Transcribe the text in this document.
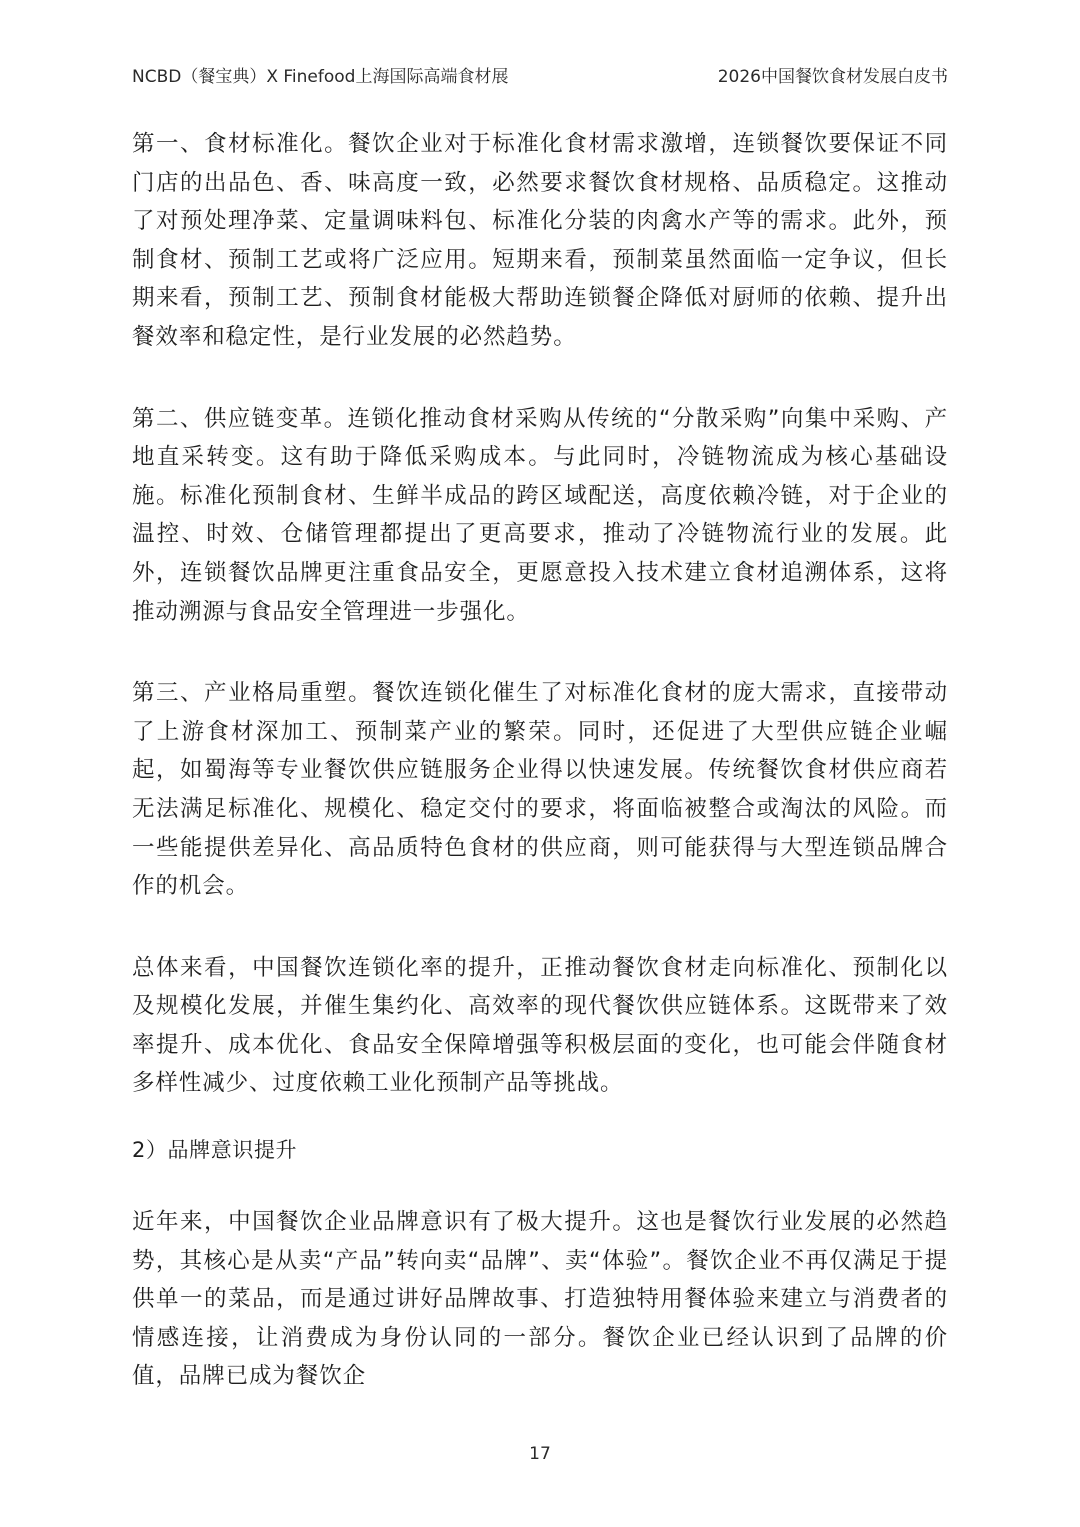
NCBD（餐宝典）X Finefood上海国际高端食材展	2026中国餐饮食材发展白皮书

第一、食材标准化。餐饮企业对于标准化食材需求激增，连锁餐饮要保证不同门店的出品色、香、味高度一致，必然要求餐饮食材规格、品质稳定。这推动了对预处理净菜、定量调味料包、标准化分装的肉禽水产等的需求。此外，预制食材、预制工艺或将广泛应用。短期来看，预制菜虽然面临一定争议，但长期来看，预制工艺、预制食材能极大帮助连锁餐企降低对厨师的依赖、提升出餐效率和稳定性，是行业发展的必然趋势。

第二、供应链变革。连锁化推动食材采购从传统的“分散采购”向集中采购、产地直采转变。这有助于降低采购成本。与此同时，冷链物流成为核心基础设施。标准化预制食材、生鲜半成品的跨区域配送，高度依赖冷链，对于企业的温控、时效、仓储管理都提出了更高要求，推动了冷链物流行业的发展。此外，连锁餐饮品牌更注重食品安全，更愿意投入技术建立食材追溯体系，这将推动溯源与食品安全管理进一步强化。

第三、产业格局重塑。餐饮连锁化催生了对标准化食材的庞大需求，直接带动了上游食材深加工、预制菜产业的繁荣。同时，还促进了大型供应链企业崛起，如蜀海等专业餐饮供应链服务企业得以快速发展。传统餐饮食材供应商若无法满足标准化、规模化、稳定交付的要求，将面临被整合或淘汰的风险。而一些能提供差异化、高品质特色食材的供应商，则可能获得与大型连锁品牌合作的机会。

总体来看，中国餐饮连锁化率的提升，正推动餐饮食材走向标准化、预制化以及规模化发展，并催生集约化、高效率的现代餐饮供应链体系。这既带来了效率提升、成本优化、食品安全保障增强等积极层面的变化，也可能会伴随食材多样性减少、过度依赖工业化预制产品等挑战。

2）品牌意识提升

近年来，中国餐饮企业品牌意识有了极大提升。这也是餐饮行业发展的必然趋势，其核心是从卖“产品”转向卖“品牌”、卖“体验”。餐饮企业不再仅满足于提供单一的菜品，而是通过讲好品牌故事、打造独特用餐体验来建立与消费者的情感连接，让消费成为身份认同的一部分。餐饮企业已经认识到了品牌的价值，品牌已成为餐饮企

17
